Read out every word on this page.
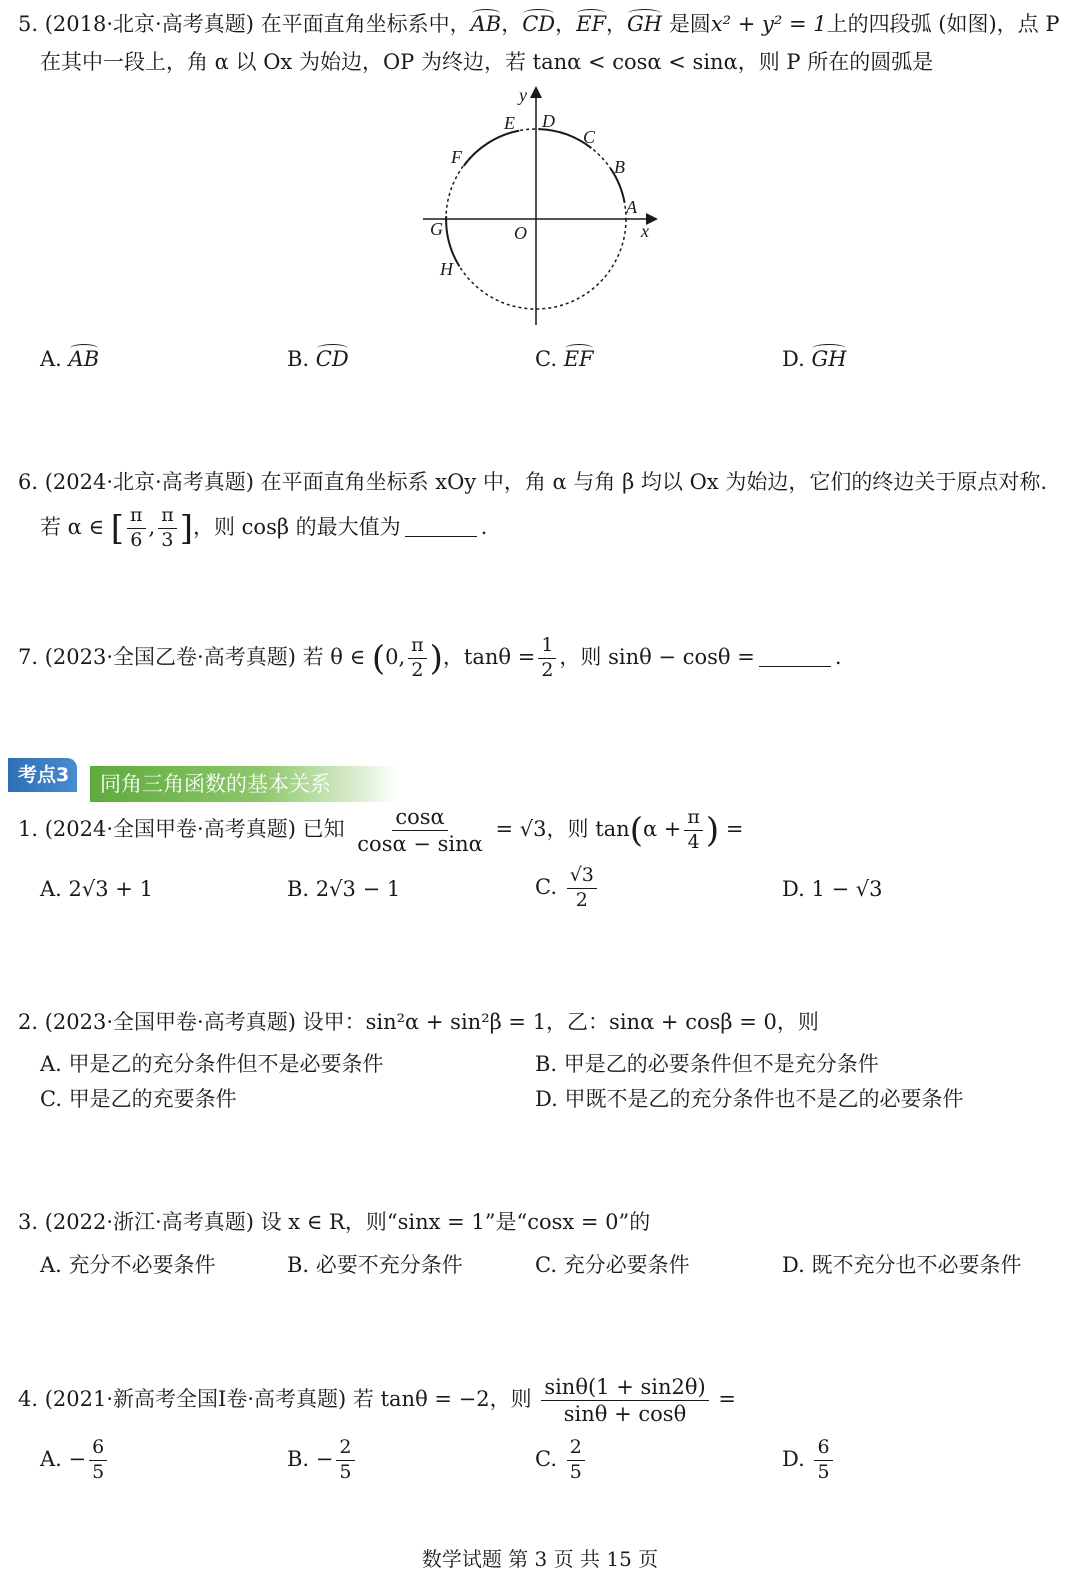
5. (2018·北京·高考真题) 在平面直角坐标系中，AB，CD，EF，GH 是圆x² + y² = 1上的四段弧 (如图)，点 P
在其中一段上，角 α 以 Ox 为始边，OP 为终边，若 tanα < cosα < sinα，则 P 所在的圆弧是
y
x
O
A
B
C
D
E
F
G
H
A. AB	B. CD	C. EF	D. GH
6. (2024·北京·高考真题) 在平面直角坐标系 xOy 中，角 α 与角 β 均以 Ox 为始边，它们的终边关于原点对称.
若 α ∈ [ $\frac{\pi}{6}$ , $\frac{\pi}{3}$ ]，则 cosβ 的最大值为	.
7. (2023·全国乙卷·高考真题) 若 θ ∈ (0, $\frac{\pi}{2}$ )，$\tan\theta = \frac{1}{2}$ ，则 sinθ − cosθ =	.
同角三角函数的基本关系
考点3
1. (2024·全国甲卷·高考真题) 已知 $\frac{\cos\alpha}{\cos\alpha - \sin\alpha} = √3$，则 $\tan(\alpha + \frac{\pi}{4}$ ) =
A. 2√3 + 1	B. 2√3 − 1	C. $\frac{√3}{2}$	D. 1 − √3
2. (2023·全国甲卷·高考真题) 设甲：sin²α + sin²β = 1，乙：sinα + cosβ = 0，则
A. 甲是乙的充分条件但不是必要条件	B. 甲是乙的必要条件但不是充分条件
C. 甲是乙的充要条件	D. 甲既不是乙的充分条件也不是乙的必要条件
3. (2022·浙江·高考真题) 设 x ∈ R，则“sinx = 1”是“cosx = 0”的
A. 充分不必要条件	B. 必要不充分条件	C. 充分必要条件	D. 既不充分也不必要条件
4. (2021·新高考全国I卷·高考真题) 若 tanθ = −2，则 $\frac{\sin\theta(1 + \sin 2\theta)}{\sin\theta + \cos\theta}$ =
A. − $\frac{6}{5}$	B. − $\frac{2}{5}$	C. $\frac{2}{5}$	D. $\frac{6}{5}$
数学试题 第 3 页 共 15 页
